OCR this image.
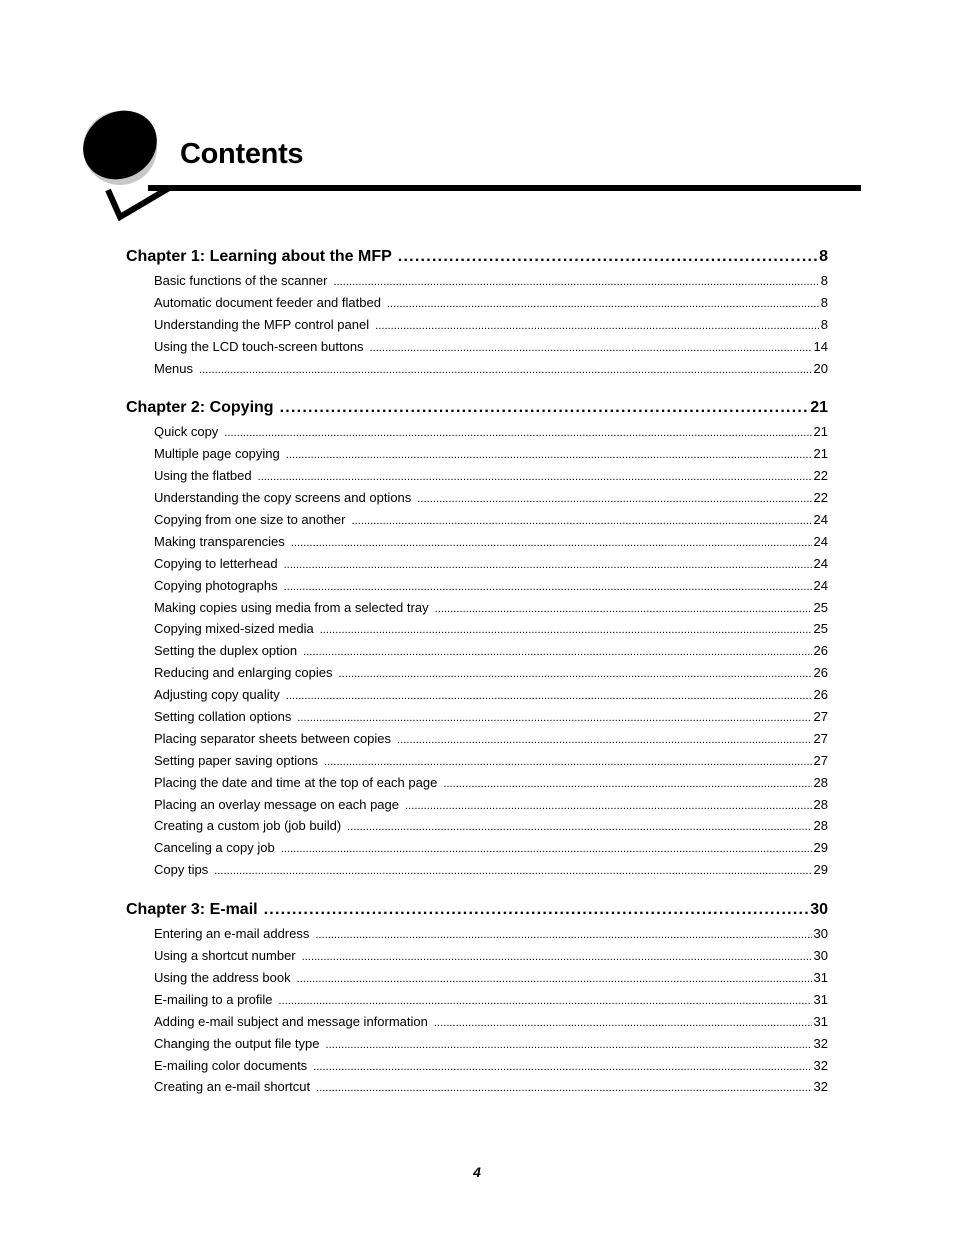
Contents
Chapter 1: Learning about the MFP . . .	8
Basic functions of the scanner . . .	8
Automatic document feeder and flatbed . . .	8
Understanding the MFP control panel . . .	8
Using the LCD touch-screen buttons . . .	14
Menus . . .	20
Chapter 2: Copying . . .	21
Quick copy . . .	21
Multiple page copying . . .	21
Using the flatbed . . .	22
Understanding the copy screens and options . . .	22
Copying from one size to another . . .	24
Making transparencies . . .	24
Copying to letterhead . . .	24
Copying photographs . . .	24
Making copies using media from a selected tray . . .	25
Copying mixed-sized media . . .	25
Setting the duplex option . . .	26
Reducing and enlarging copies . . .	26
Adjusting copy quality . . .	26
Setting collation options . . .	27
Placing separator sheets between copies . . .	27
Setting paper saving options . . .	27
Placing the date and time at the top of each page . . .	28
Placing an overlay message on each page . . .	28
Creating a custom job (job build) . . .	28
Canceling a copy job . . .	29
Copy tips . . .	29
Chapter 3: E-mail . . .	30
Entering an e-mail address . . .	30
Using a shortcut number . . .	30
Using the address book . . .	31
E-mailing to a profile . . .	31
Adding e-mail subject and message information . . .	31
Changing the output file type . . .	32
E-mailing color documents . . .	32
Creating an e-mail shortcut . . .	32
4
